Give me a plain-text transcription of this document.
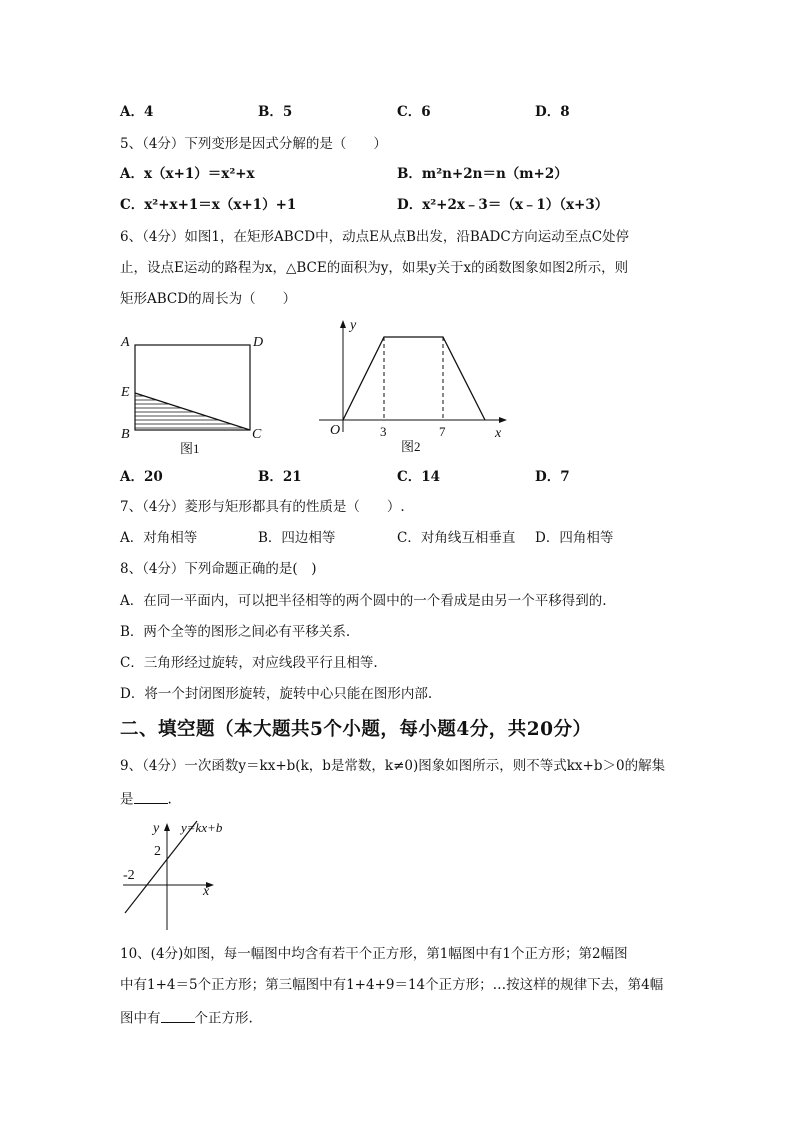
A．4	B．5	C．6	D．8
5、（4分）下列变形是因式分解的是（　　）
A．x（x+1）＝x²+x	B．m²n+2n＝n（m+2）
C．x²+x+1＝x（x+1）+1	D．x²+2x﹣3＝（x﹣1）（x+3）
6、（4分）如图1，在矩形ABCD中，动点E从点B出发，沿BADC方向运动至点C处停
止，设点E运动的路程为x，△BCE的面积为y，如果y关于x的函数图象如图2所示，则
矩形ABCD的周长为（　　）
A	D
E
B	C
图1
y
x
O	3	7
图2
A．20	B．21	C．14	D．7
7、（4分）菱形与矩形都具有的性质是（　　）.
A．对角相等	B．四边相等	C．对角线互相垂直 D．四角相等
8、（4分）下列命题正确的是(　)
A．在同一平面内，可以把半径相等的两个圆中的一个看成是由另一个平移得到的.
B．两个全等的图形之间必有平移关系.
C．三角形经过旋转，对应线段平行且相等.
D．将一个封闭图形旋转，旋转中心只能在图形内部.
二、填空题（本大题共5个小题，每小题4分，共20分）
9、（4分）一次函数y＝kx+b(k，b是常数，k≠0)图象如图所示，则不等式kx+b＞0的解集
是	.
y y=kx+b
2
-2
x
10、(4分)如图，每一幅图中均含有若干个正方形，第1幅图中有1个正方形；第2幅图
中有1+4＝5个正方形；第三幅图中有1+4+9＝14个正方形；…按这样的规律下去，第4幅
图中有	个正方形.
